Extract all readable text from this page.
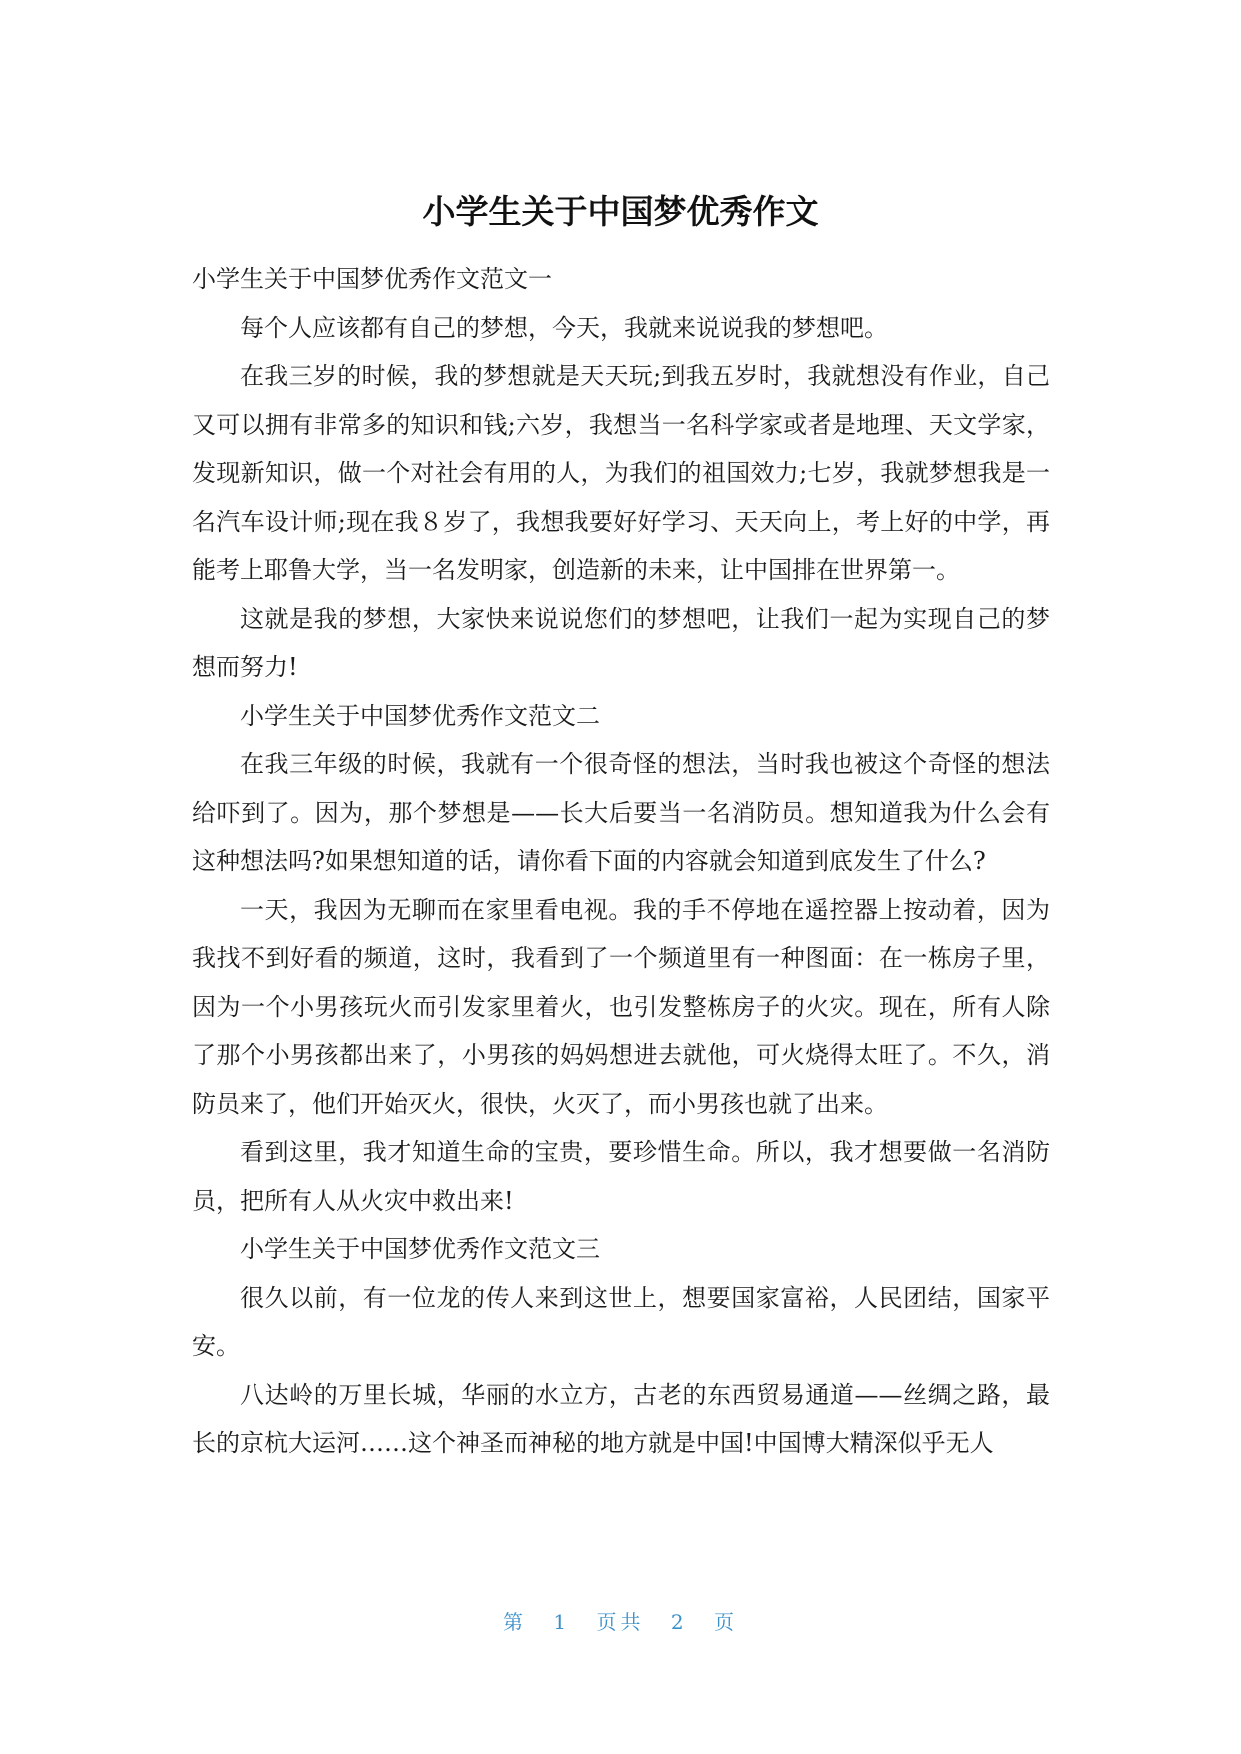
小学生关于中国梦优秀作文

小学生关于中国梦优秀作文范文一

每个人应该都有自己的梦想，今天，我就来说说我的梦想吧。

在我三岁的时候，我的梦想就是天天玩;到我五岁时，我就想没有作业，自己又可以拥有非常多的知识和钱;六岁，我想当一名科学家或者是地理、天文学家，发现新知识，做一个对社会有用的人，为我们的祖国效力;七岁，我就梦想我是一名汽车设计师;现在我８岁了，我想我要好好学习、天天向上，考上好的中学，再能考上耶鲁大学，当一名发明家，创造新的未来，让中国排在世界第一。

这就是我的梦想，大家快来说说您们的梦想吧，让我们一起为实现自己的梦想而努力!

小学生关于中国梦优秀作文范文二

在我三年级的时候，我就有一个很奇怪的想法，当时我也被这个奇怪的想法给吓到了。因为，那个梦想是——长大后要当一名消防员。想知道我为什么会有这种想法吗?如果想知道的话，请你看下面的内容就会知道到底发生了什么?

一天，我因为无聊而在家里看电视。我的手不停地在遥控器上按动着，因为我找不到好看的频道，这时，我看到了一个频道里有一种图面：在一栋房子里，因为一个小男孩玩火而引发家里着火，也引发整栋房子的火灾。现在，所有人除了那个小男孩都出来了，小男孩的妈妈想进去就他，可火烧得太旺了。不久，消防员来了，他们开始灭火，很快，火灭了，而小男孩也就了出来。

看到这里，我才知道生命的宝贵，要珍惜生命。所以，我才想要做一名消防员，把所有人从火灾中救出来!

小学生关于中国梦优秀作文范文三

很久以前，有一位龙的传人来到这世上，想要国家富裕，人民团结，国家平安。

八达岭的万里长城，华丽的水立方，古老的东西贸易通道——丝绸之路，最长的京杭大运河……这个神圣而神秘的地方就是中国!中国博大精深似乎无人

第 1 页共 2 页
